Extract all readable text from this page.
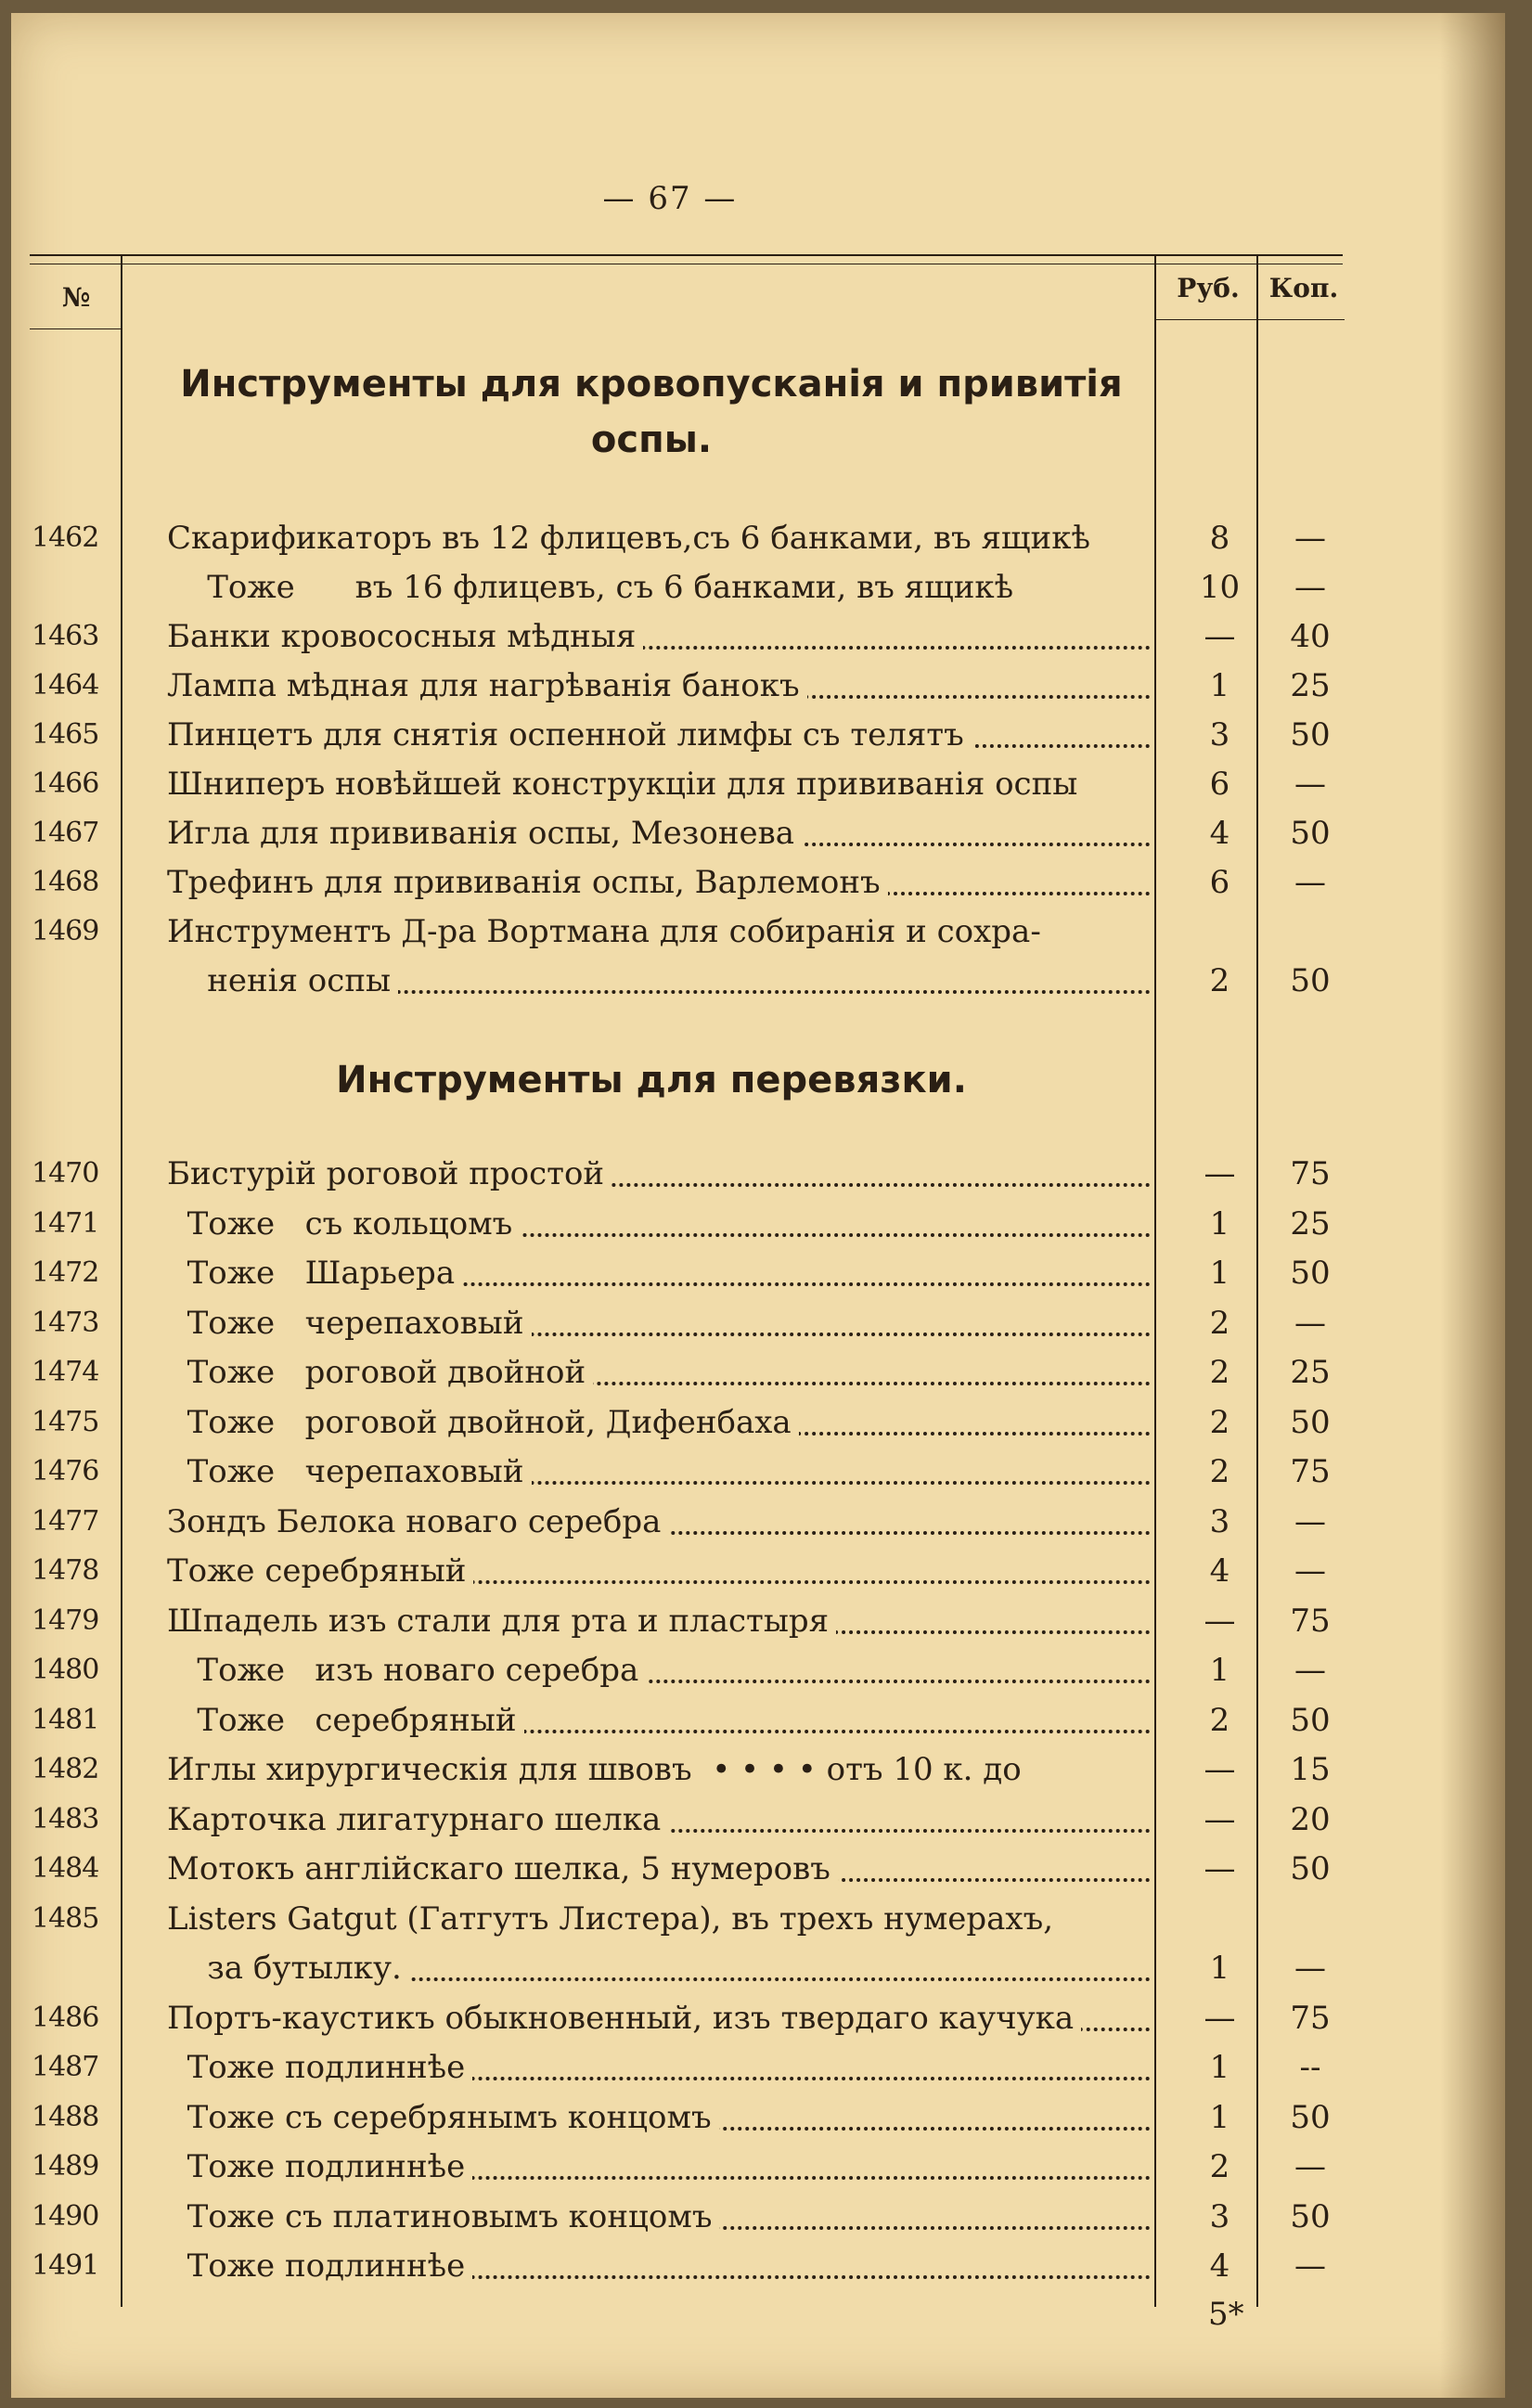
— 67 —
№	Руб.	Коп.
Инструменты для кровопусканія и привитія
оспы.
1462	Скарификаторъ въ 12 флицевъ,съ 6 банками, въ ящикѣ	8	—
Тоже      въ 16 флицевъ, съ 6 банками, въ ящикѣ	10	—
1463	Банки кровососныя мѣдныя	—	40
1464	Лампа мѣдная для нагрѣванія банокъ	1	25
1465	Пинцетъ для снятія оспенной лимфы съ телятъ	3	50
1466	Шниперъ новѣйшей конструкціи для прививанія оспы	6	—
1467	Игла для прививанія оспы, Мезонева	4	50
1468	Трефинъ для прививанія оспы, Варлемонъ	6	—
1469	Инструментъ Д-ра Вортмана для собиранія и сохра-
ненія оспы	2	50
Инструменты для перевязки.
1470	Бистурій роговой простой	—	75
1471	Тоже   съ кольцомъ	1	25
1472	Тоже   Шарьера	1	50
1473	Тоже   черепаховый	2	—
1474	Тоже   роговой двойной	2	25
1475	Тоже   роговой двойной, Дифенбаха	2	50
1476	Тоже   черепаховый	2	75
1477	Зондъ Белока новаго серебра	3	—
1478	Тоже серебряный	4	—
1479	Шпадель изъ стали для рта и пластыря	—	75
1480	Тоже   изъ новаго серебра	1	—
1481	Тоже   серебряный	2	50
1482	Иглы хирургическія для швовъ  • • • • отъ 10 к. до	—	15
1483	Карточка лигатурнаго шелка	—	20
1484	Мотокъ англійскаго шелка, 5 нумеровъ	—	50
1485	Listers Gatgut (Гатгутъ Листера), въ трехъ нумерахъ,
за бутылку.	1	—
1486	Портъ-каустикъ обыкновенный, изъ твердаго каучука	—	75
1487	Тоже подлиннѣе	1	--
1488	Тоже съ серебрянымъ концомъ	1	50
1489	Тоже подлиннѣе	2	—
1490	Тоже съ платиновымъ концомъ	3	50
1491	Тоже подлиннѣе	4	—
5*
